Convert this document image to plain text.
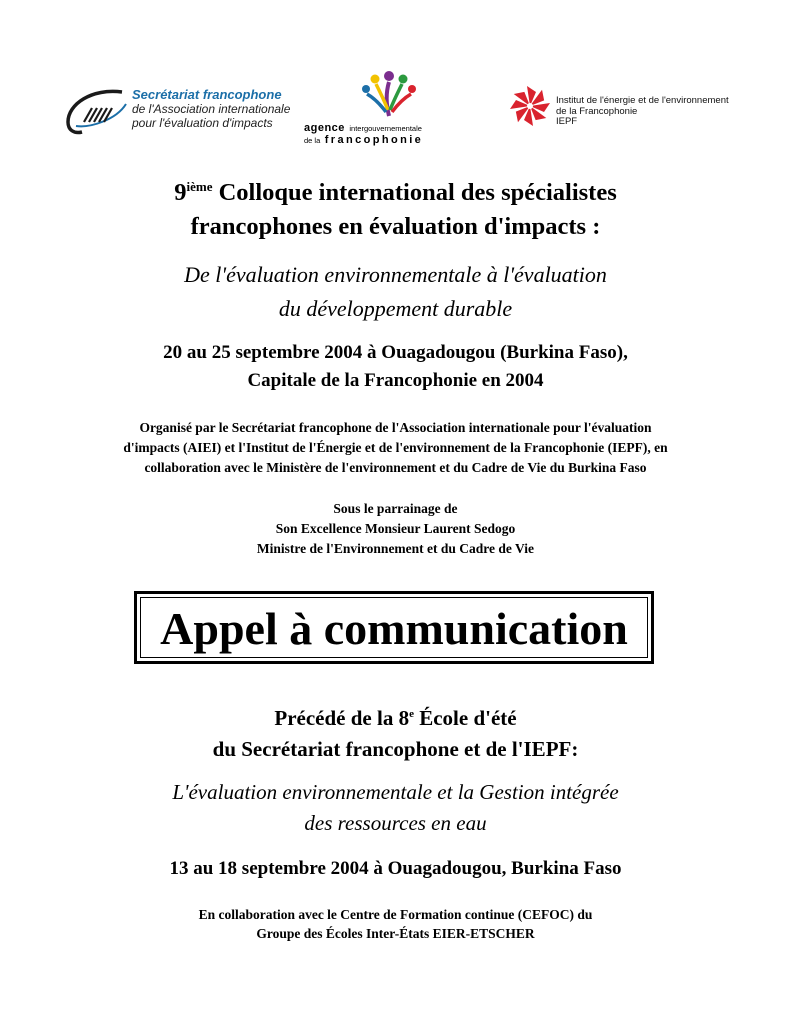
Secrétariat francophone
de l'Association internationale
pour l'évaluation d'impacts	agence intergouvernementale
de la francophonie
Institut de l'énergie et de l'environnement
de la Francophonie
IEPF
9ième Colloque international des spécialistes
francophones en évaluation d'impacts :
De l'évaluation environnementale à l'évaluation
du développement durable
20 au 25 septembre 2004 à Ouagadougou (Burkina Faso),
Capitale de la Francophonie en 2004
Organisé par le Secrétariat francophone de l'Association internationale pour l'évaluation
d'impacts (AIEI) et l'Institut de l'Énergie et de l'environnement de la Francophonie (IEPF), en
collaboration avec le Ministère de l'environnement et du Cadre de Vie du Burkina Faso
Sous le parrainage de
Son Excellence Monsieur Laurent Sedogo
Ministre de l'Environnement et du Cadre de Vie
Appel à communication
Précédé de la 8e École d'été
du Secrétariat francophone et de l'IEPF:
L'évaluation environnementale et la Gestion intégrée
des ressources en eau
13 au 18 septembre 2004 à Ouagadougou, Burkina Faso
En collaboration avec le Centre de Formation continue (CEFOC) du
Groupe des Écoles Inter-États EIER-ETSCHER
